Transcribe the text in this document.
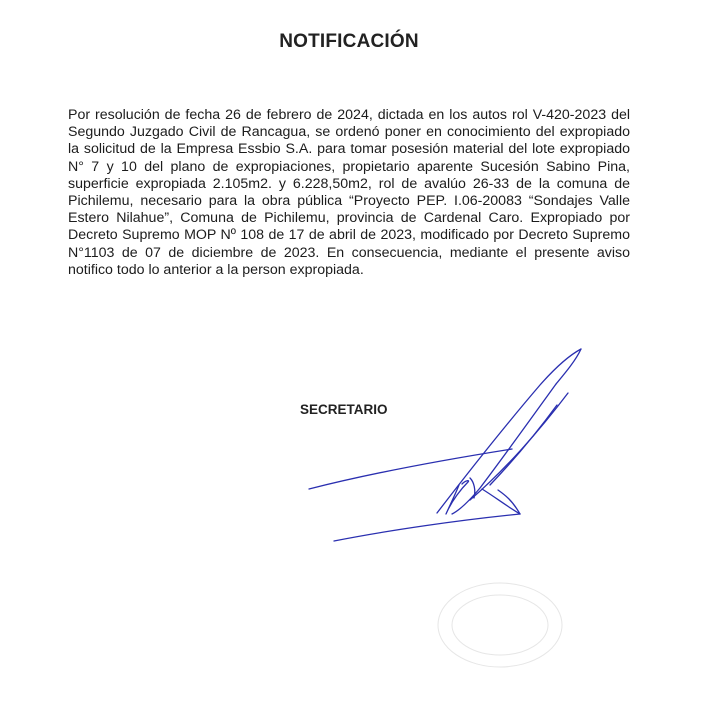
NOTIFICACIÓN
Por resolución de fecha 26 de febrero de 2024, dictada en los autos rol V-420-2023 del Segundo Juzgado Civil de Rancagua, se ordenó poner en conocimiento del expropiado la solicitud de la Empresa Essbio S.A. para tomar posesión material del lote expropiado N° 7 y 10 del plano de expropiaciones, propietario aparente Sucesión Sabino Pina, superficie expropiada 2.105m2. y 6.228,50m2, rol de avalúo 26-33 de la comuna de Pichilemu, necesario para la obra pública “Proyecto PEP. I.06-20083 “Sondajes Valle Estero Nilahue”, Comuna de Pichilemu, provincia de Cardenal Caro. Expropiado por Decreto Supremo MOP Nº 108 de 17 de abril de 2023, modificado por Decreto Supremo N°1103 de 07 de diciembre de 2023. En consecuencia, mediante el presente aviso notifico todo lo anterior a la person expropiada.
SECRETARIO
